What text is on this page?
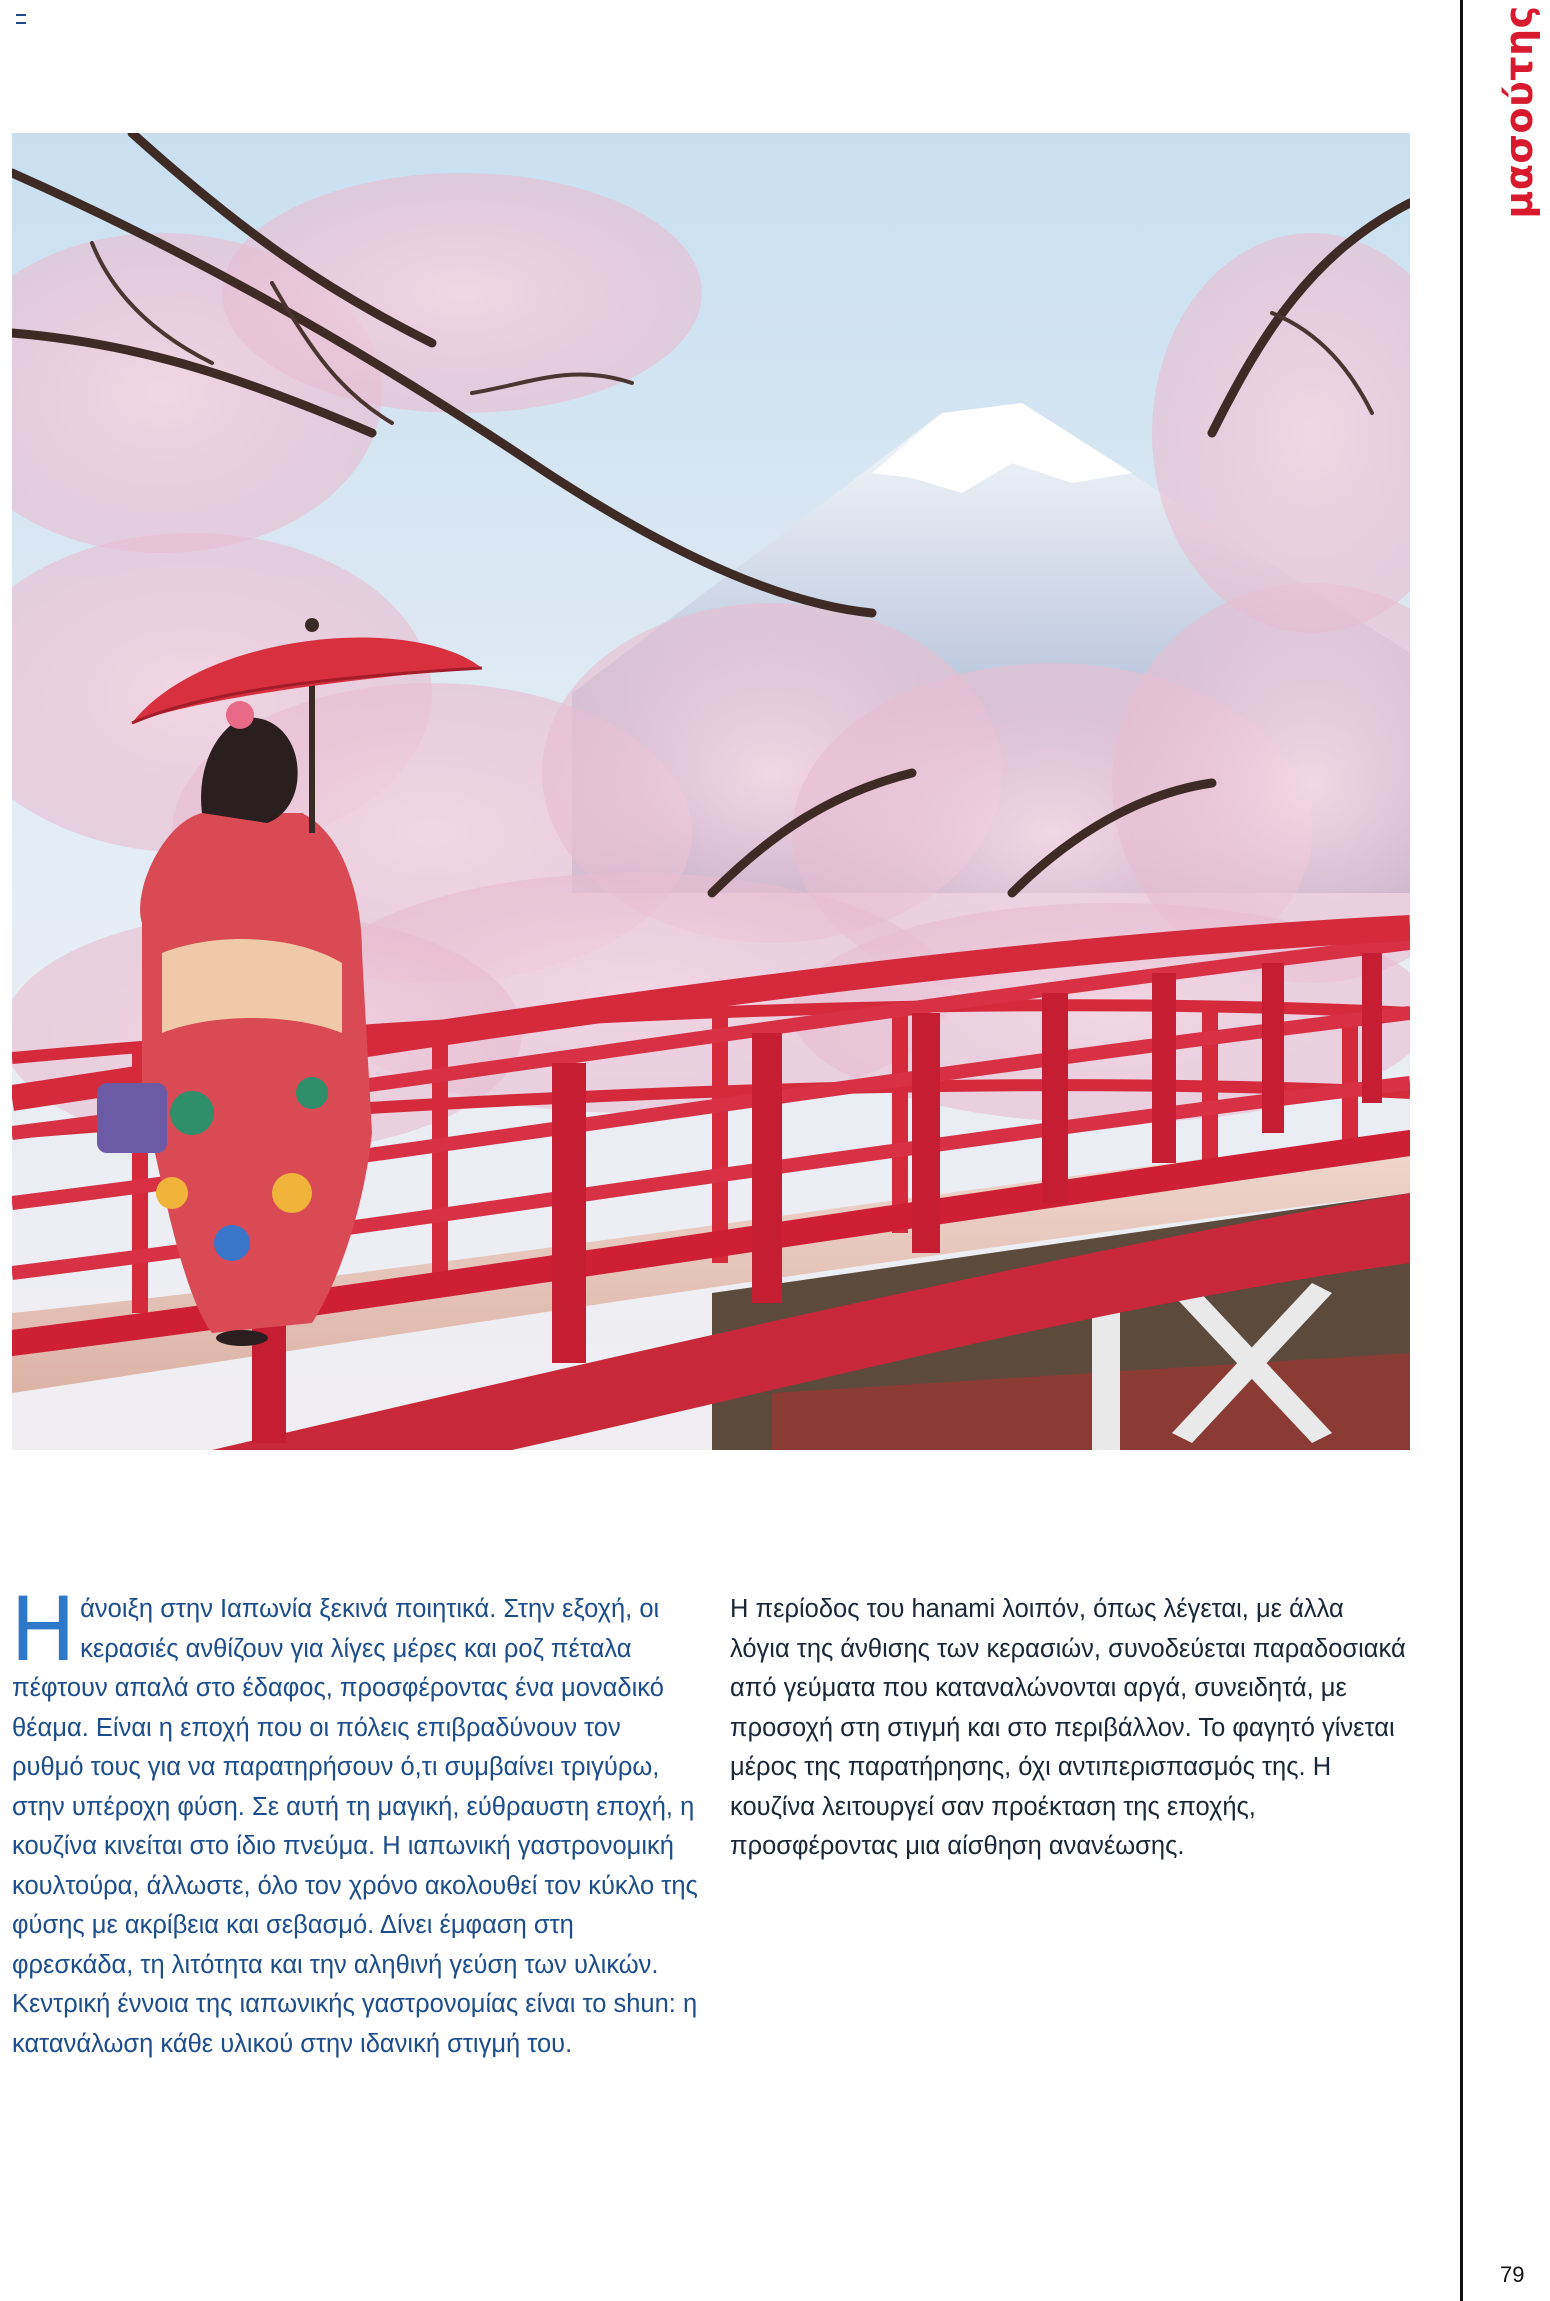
μασούτης

Ηάνοιξη στην Ιαπωνία ξεκινά ποιητικά. Στην εξοχή, οι κερασιές ανθίζουν για λίγες μέρες και ροζ πέταλα πέφτουν απαλά στο έδαφος, προσφέροντας ένα μοναδικό θέαμα. Είναι η εποχή που οι πόλεις επιβραδύνουν τον ρυθμό τους για να παρατηρήσουν ό,τι συμβαίνει τριγύρω, στην υπέροχη φύση. Σε αυτή τη μαγική, εύθραυστη εποχή, η κουζίνα κινείται στο ίδιο πνεύμα. Η ιαπωνική γαστρονομική κουλτούρα, άλλωστε, όλο τον χρόνο ακολουθεί τον κύκλο της φύσης με ακρίβεια και σεβασμό. Δίνει έμφαση στη φρεσκάδα, τη λιτότητα και την αληθινή γεύση των υλικών. Κεντρική έννοια της ιαπωνικής γαστρονομίας είναι το shun: η κατανάλωση κάθε υλικού στην ιδανική στιγμή του.

Η περίοδος του hanami λοιπόν, όπως λέγεται, με άλλα λόγια της άνθισης των κερασιών, συνοδεύεται παραδοσιακά από γεύματα που καταναλώνονται αργά, συνειδητά, με προσοχή στη στιγμή και στο περιβάλλον. Το φαγητό γίνεται μέρος της παρατήρησης, όχι αντιπερισπασμός της. Η κουζίνα λειτουργεί σαν προέκταση της εποχής, προσφέροντας μια αίσθηση ανανέωσης.

79
